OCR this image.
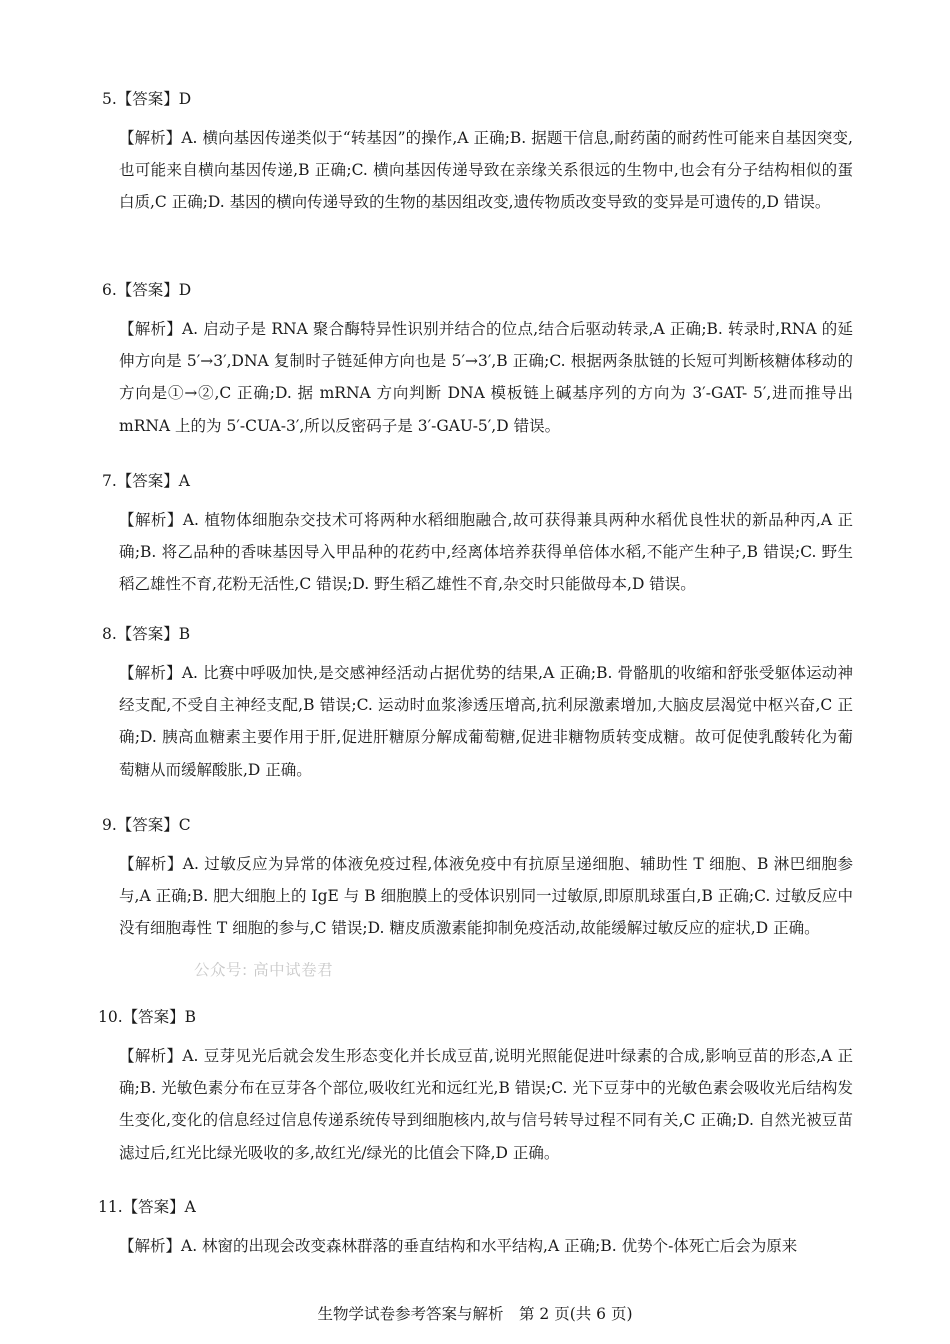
5.【答案】D
【解析】A. 横向基因传递类似于“转基因”的操作,A 正确;B. 据题干信息,耐药菌的耐药性可能来自基因突变,也可能来自横向基因传递,B 正确;C. 横向基因传递导致在亲缘关系很远的生物中,也会有分子结构相似的蛋白质,C 正确;D. 基因的横向传递导致的生物的基因组改变,遗传物质改变导致的变异是可遗传的,D 错误。
6.【答案】D
【解析】A. 启动子是 RNA 聚合酶特异性识别并结合的位点,结合后驱动转录,A 正确;B. 转录时,RNA 的延伸方向是 5′→3′,DNA 复制时子链延伸方向也是 5′→3′,B 正确;C. 根据两条肽链的长短可判断核糖体移动的方向是①→②,C 正确;D. 据 mRNA 方向判断 DNA 模板链上碱基序列的方向为 3′-GAT- 5′,进而推导出 mRNA 上的为 5′-CUA-3′,所以反密码子是 3′-GAU-5′,D 错误。
7.【答案】A
【解析】A. 植物体细胞杂交技术可将两种水稻细胞融合,故可获得兼具两种水稻优良性状的新品种丙,A 正确;B. 将乙品种的香味基因导入甲品种的花药中,经离体培养获得单倍体水稻,不能产生种子,B 错误;C. 野生稻乙雄性不育,花粉无活性,C 错误;D. 野生稻乙雄性不育,杂交时只能做母本,D 错误。
8.【答案】B
【解析】A. 比赛中呼吸加快,是交感神经活动占据优势的结果,A 正确;B. 骨骼肌的收缩和舒张受躯体运动神经支配,不受自主神经支配,B 错误;C. 运动时血浆渗透压增高,抗利尿激素增加,大脑皮层渴觉中枢兴奋,C 正确;D. 胰高血糖素主要作用于肝,促进肝糖原分解成葡萄糖,促进非糖物质转变成糖。故可促使乳酸转化为葡萄糖从而缓解酸胀,D 正确。
9.【答案】C
【解析】A. 过敏反应为异常的体液免疫过程,体液免疫中有抗原呈递细胞、辅助性 T 细胞、B 淋巴细胞参与,A 正确;B. 肥大细胞上的 IgE 与 B 细胞膜上的受体识别同一过敏原,即原肌球蛋白,B 正确;C. 过敏反应中没有细胞毒性 T 细胞的参与,C 错误;D. 糖皮质激素能抑制免疫活动,故能缓解过敏反应的症状,D 正确。
公众号: 高中试卷君
10.【答案】B
【解析】A. 豆芽见光后就会发生形态变化并长成豆苗,说明光照能促进叶绿素的合成,影响豆苗的形态,A 正确;B. 光敏色素分布在豆芽各个部位,吸收红光和远红光,B 错误;C. 光下豆芽中的光敏色素会吸收光后结构发生变化,变化的信息经过信息传递系统传导到细胞核内,故与信号转导过程不同有关,C 正确;D. 自然光被豆苗滤过后,红光比绿光吸收的多,故红光/绿光的比值会下降,D 正确。
11.【答案】A
【解析】A. 林窗的出现会改变森林群落的垂直结构和水平结构,A 正确;B. 优势个-体死亡后会为原来
生物学试卷参考答案与解析　第 2 页(共 6 页)
